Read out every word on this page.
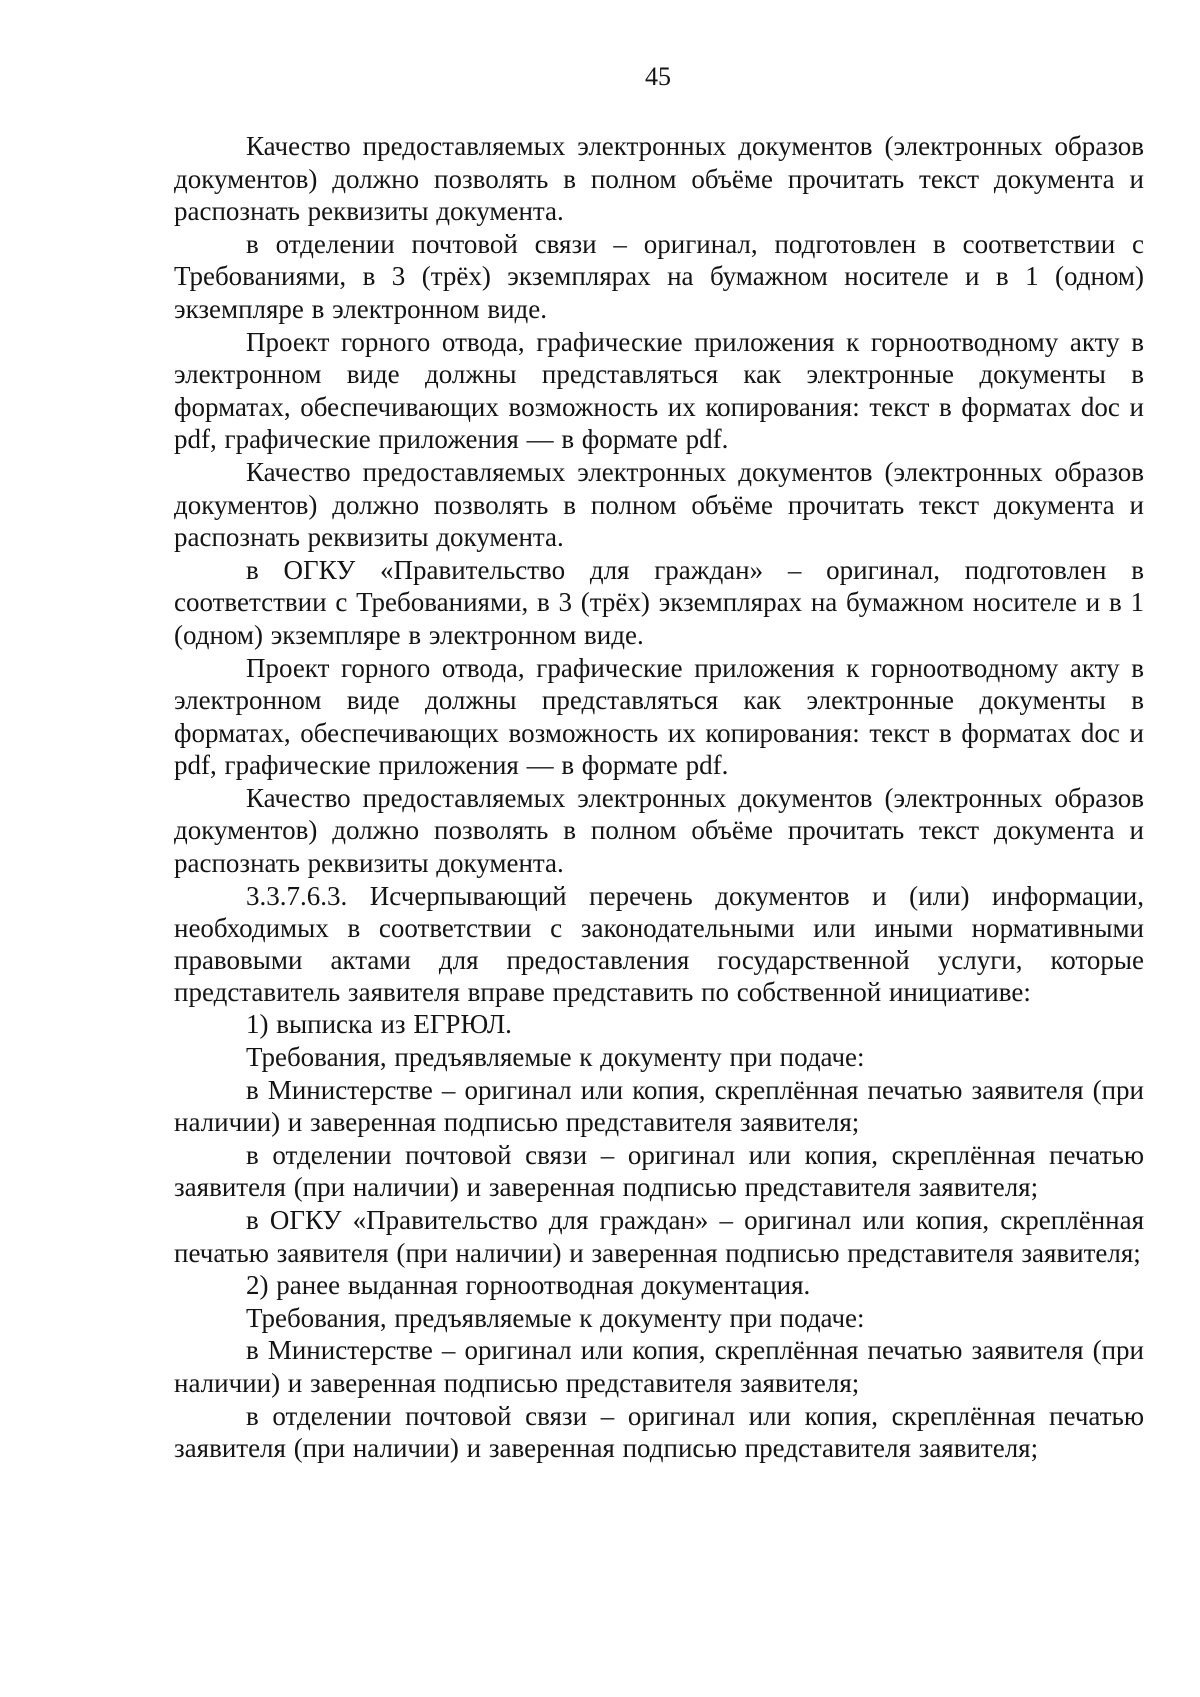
45

Качество предоставляемых электронных документов (электронных образов документов) должно позволять в полном объёме прочитать текст документа и распознать реквизиты документа.

в отделении почтовой связи – оригинал, подготовлен в соответствии с Требованиями, в 3 (трёх) экземплярах на бумажном носителе и в 1 (одном) экземпляре в электронном виде.

Проект горного отвода, графические приложения к горноотводному акту в электронном виде должны представляться как электронные документы в форматах, обеспечивающих возможность их копирования: текст в форматах doc и pdf, графические приложения — в формате pdf.

Качество предоставляемых электронных документов (электронных образов документов) должно позволять в полном объёме прочитать текст документа и распознать реквизиты документа.

в ОГКУ «Правительство для граждан» – оригинал, подготовлен в соответствии с Требованиями, в 3 (трёх) экземплярах на бумажном носителе и в 1 (одном) экземпляре в электронном виде.

Проект горного отвода, графические приложения к горноотводному акту в электронном виде должны представляться как электронные документы в форматах, обеспечивающих возможность их копирования: текст в форматах doc и pdf, графические приложения — в формате pdf.

Качество предоставляемых электронных документов (электронных образов документов) должно позволять в полном объёме прочитать текст документа и распознать реквизиты документа.

3.3.7.6.3. Исчерпывающий перечень документов и (или) информации, необходимых в соответствии с законодательными или иными нормативными правовыми актами для предоставления государственной услуги, которые представитель заявителя вправе представить по собственной инициативе:

1) выписка из ЕГРЮЛ.

Требования, предъявляемые к документу при подаче:

в Министерстве – оригинал или копия, скреплённая печатью заявителя (при наличии) и заверенная подписью представителя заявителя;

в отделении почтовой связи – оригинал или копия, скреплённая печатью заявителя (при наличии) и заверенная подписью представителя заявителя;

в ОГКУ «Правительство для граждан» – оригинал или копия, скреплённая печатью заявителя (при наличии) и заверенная подписью представителя заявителя;

2) ранее выданная горноотводная документация.

Требования, предъявляемые к документу при подаче:

в Министерстве – оригинал или копия, скреплённая печатью заявителя (при наличии) и заверенная подписью представителя заявителя;

в отделении почтовой связи – оригинал или копия, скреплённая печатью заявителя (при наличии) и заверенная подписью представителя заявителя;
